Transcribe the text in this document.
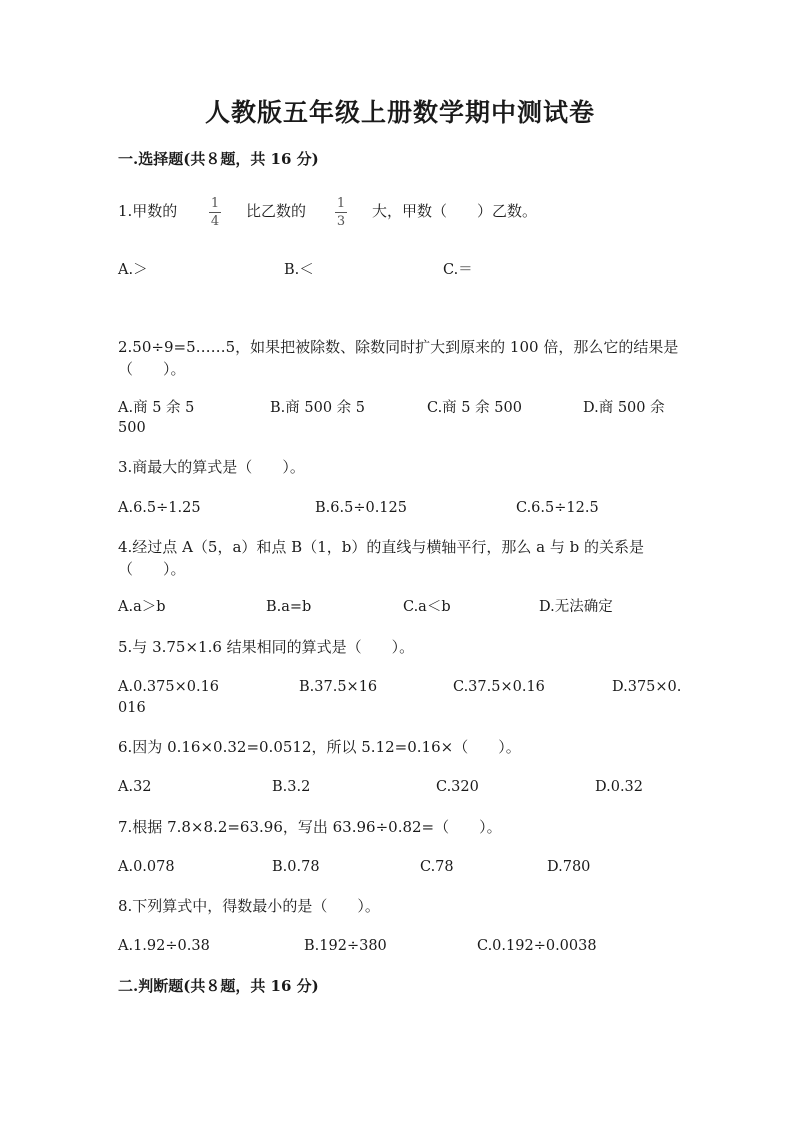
人教版五年级上册数学期中测试卷
一.选择题(共８题，共 16 分)
1.甲数的	1
4
比乙数的 1
3
大，甲数（　　）乙数。
A.＞	B.＜	C.＝
2.50÷9=5……5，如果把被除数、除数同时扩大到原来的 100 倍，那么它的结果是（　　）。
A.商 5 余 5	B.商 500 余 5	C.商 5 余 500	D.商 500 余
500
3.商最大的算式是（　　）。
A.6.5÷1.25	B.6.5÷0.125	C.6.5÷12.5
4.经过点 A（5，a）和点 B（1，b）的直线与横轴平行，那么 a 与 b 的关系是（　　）。
A.a＞b	B.a=b	C.a＜b	D.无法确定
5.与 3.75×1.6 结果相同的算式是（　　）。
A.0.375×0.16	B.37.5×16	C.37.5×0.16	D.375×0.
016
6.因为 0.16×0.32=0.0512，所以 5.12=0.16×（　　）。
A.32	B.3.2	C.320	D.0.32
7.根据 7.8×8.2=63.96，写出 63.96÷0.82=（　　）。
A.0.078	B.0.78	C.78	D.780
8.下列算式中，得数最小的是（　　）。
A.1.92÷0.38	B.192÷380	C.0.192÷0.0038
二.判断题(共８题，共 16 分)
